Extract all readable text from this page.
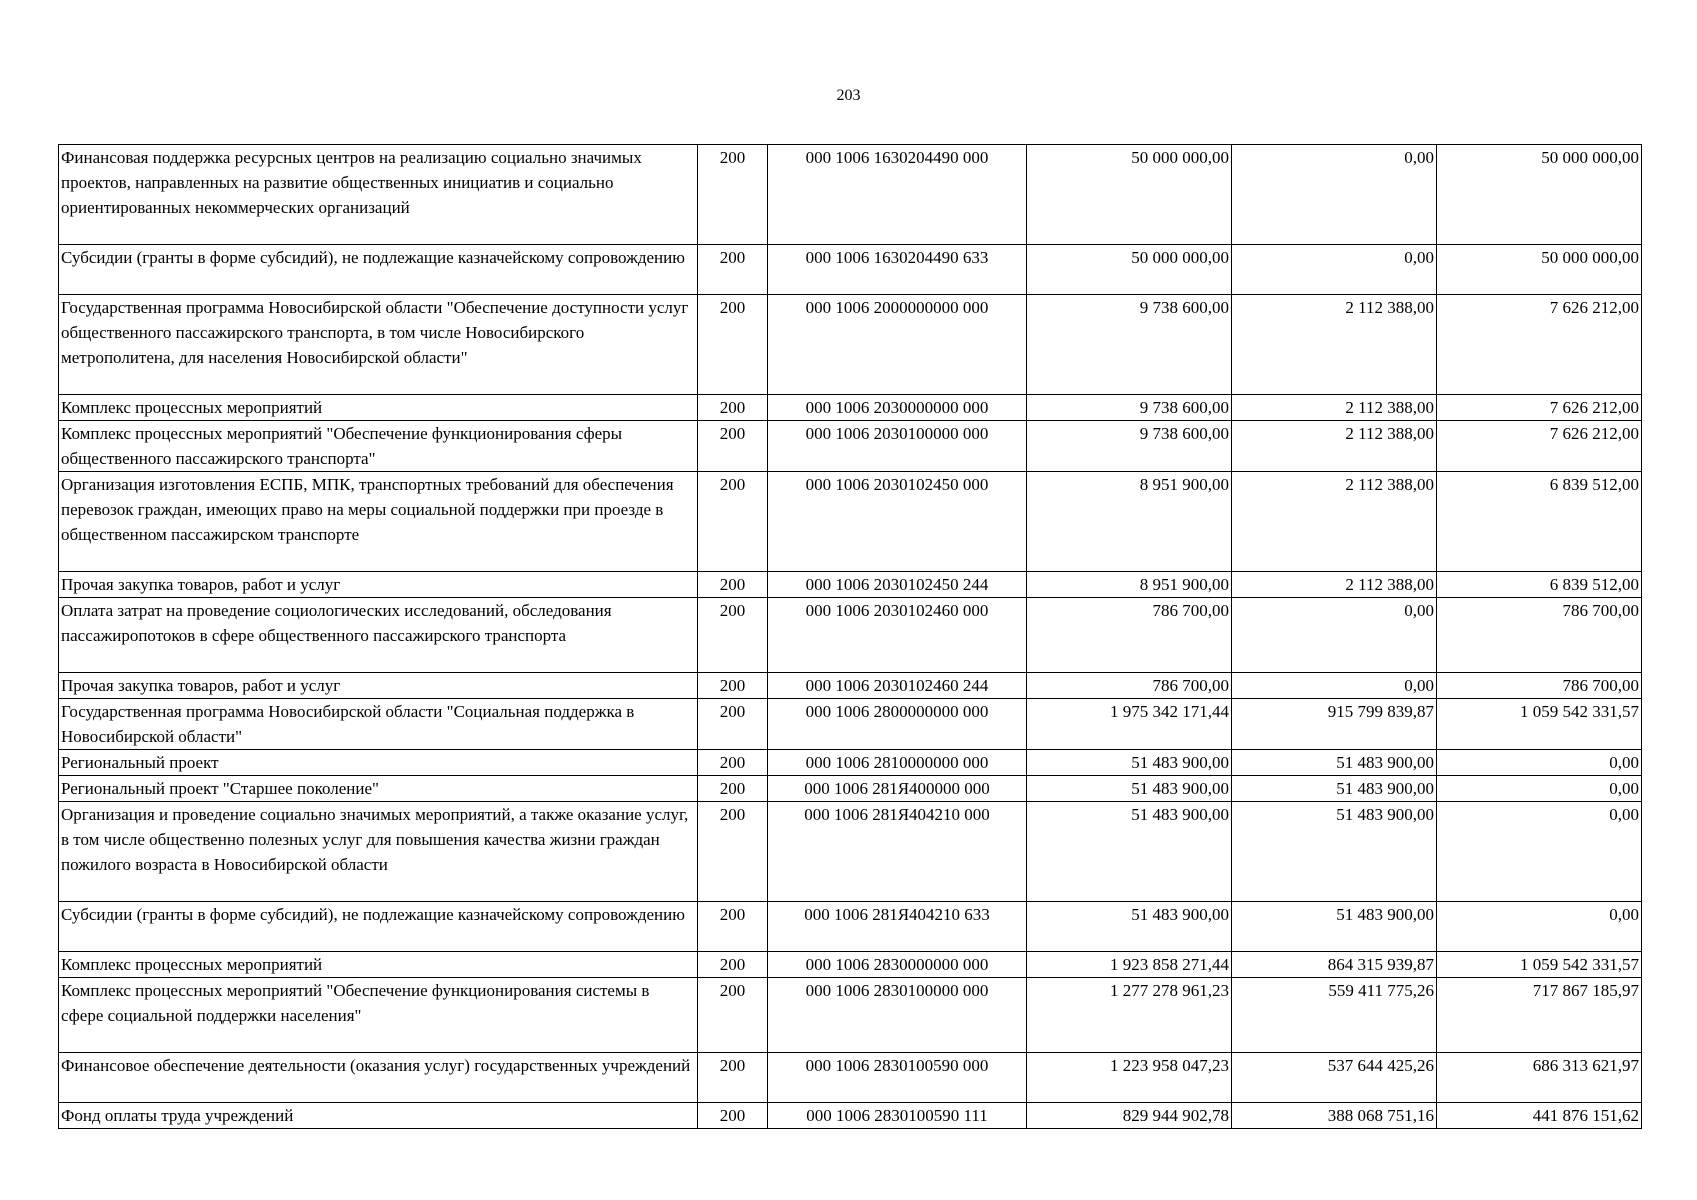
203
Финансовая поддержка ресурсных центров на реализацию социально значимых проектов, направленных на развитие общественных инициатив и социально ориентированных некоммерческих организаций	200	000 1006 1630204490 000	50 000 000,00	0,00	50 000 000,00
Субсидии (гранты в форме субсидий), не подлежащие казначейскому сопровождению	200	000 1006 1630204490 633	50 000 000,00	0,00	50 000 000,00
Государственная программа Новосибирской области "Обеспечение доступности услуг общественного пассажирского транспорта, в том числе Новосибирского метрополитена, для населения Новосибирской области"	200	000 1006 2000000000 000	9 738 600,00	2 112 388,00	7 626 212,00
Комплекс процессных мероприятий	200	000 1006 2030000000 000	9 738 600,00	2 112 388,00	7 626 212,00
Комплекс процессных мероприятий "Обеспечение функционирования сферы общественного пассажирского транспорта"	200	000 1006 2030100000 000	9 738 600,00	2 112 388,00	7 626 212,00
Организация изготовления ЕСПБ, МПК, транспортных требований для обеспечения перевозок граждан, имеющих право на меры социальной поддержки при проезде в общественном пассажирском транспорте	200	000 1006 2030102450 000	8 951 900,00	2 112 388,00	6 839 512,00
Прочая закупка товаров, работ и услуг	200	000 1006 2030102450 244	8 951 900,00	2 112 388,00	6 839 512,00
Оплата затрат на проведение социологических исследований, обследования пассажиропотоков в сфере общественного пассажирского транспорта	200	000 1006 2030102460 000	786 700,00	0,00	786 700,00
Прочая закупка товаров, работ и услуг	200	000 1006 2030102460 244	786 700,00	0,00	786 700,00
Государственная программа Новосибирской области "Социальная поддержка в Новосибирской области"	200	000 1006 2800000000 000	1 975 342 171,44	915 799 839,87	1 059 542 331,57
Региональный проект	200	000 1006 2810000000 000	51 483 900,00	51 483 900,00	0,00
Региональный проект "Старшее поколение"	200	000 1006 281Я400000 000	51 483 900,00	51 483 900,00	0,00
Организация и проведение социально значимых мероприятий, а также оказание услуг, в том числе общественно полезных услуг для повышения качества жизни граждан пожилого возраста в Новосибирской области	200	000 1006 281Я404210 000	51 483 900,00	51 483 900,00	0,00
Субсидии (гранты в форме субсидий), не подлежащие казначейскому сопровождению	200	000 1006 281Я404210 633	51 483 900,00	51 483 900,00	0,00
Комплекс процессных мероприятий	200	000 1006 2830000000 000	1 923 858 271,44	864 315 939,87	1 059 542 331,57
Комплекс процессных мероприятий "Обеспечение функционирования системы в сфере социальной поддержки населения"	200	000 1006 2830100000 000	1 277 278 961,23	559 411 775,26	717 867 185,97
Финансовое обеспечение деятельности (оказания услуг) государственных учреждений	200	000 1006 2830100590 000	1 223 958 047,23	537 644 425,26	686 313 621,97
Фонд оплаты труда учреждений	200	000 1006 2830100590 111	829 944 902,78	388 068 751,16	441 876 151,62
